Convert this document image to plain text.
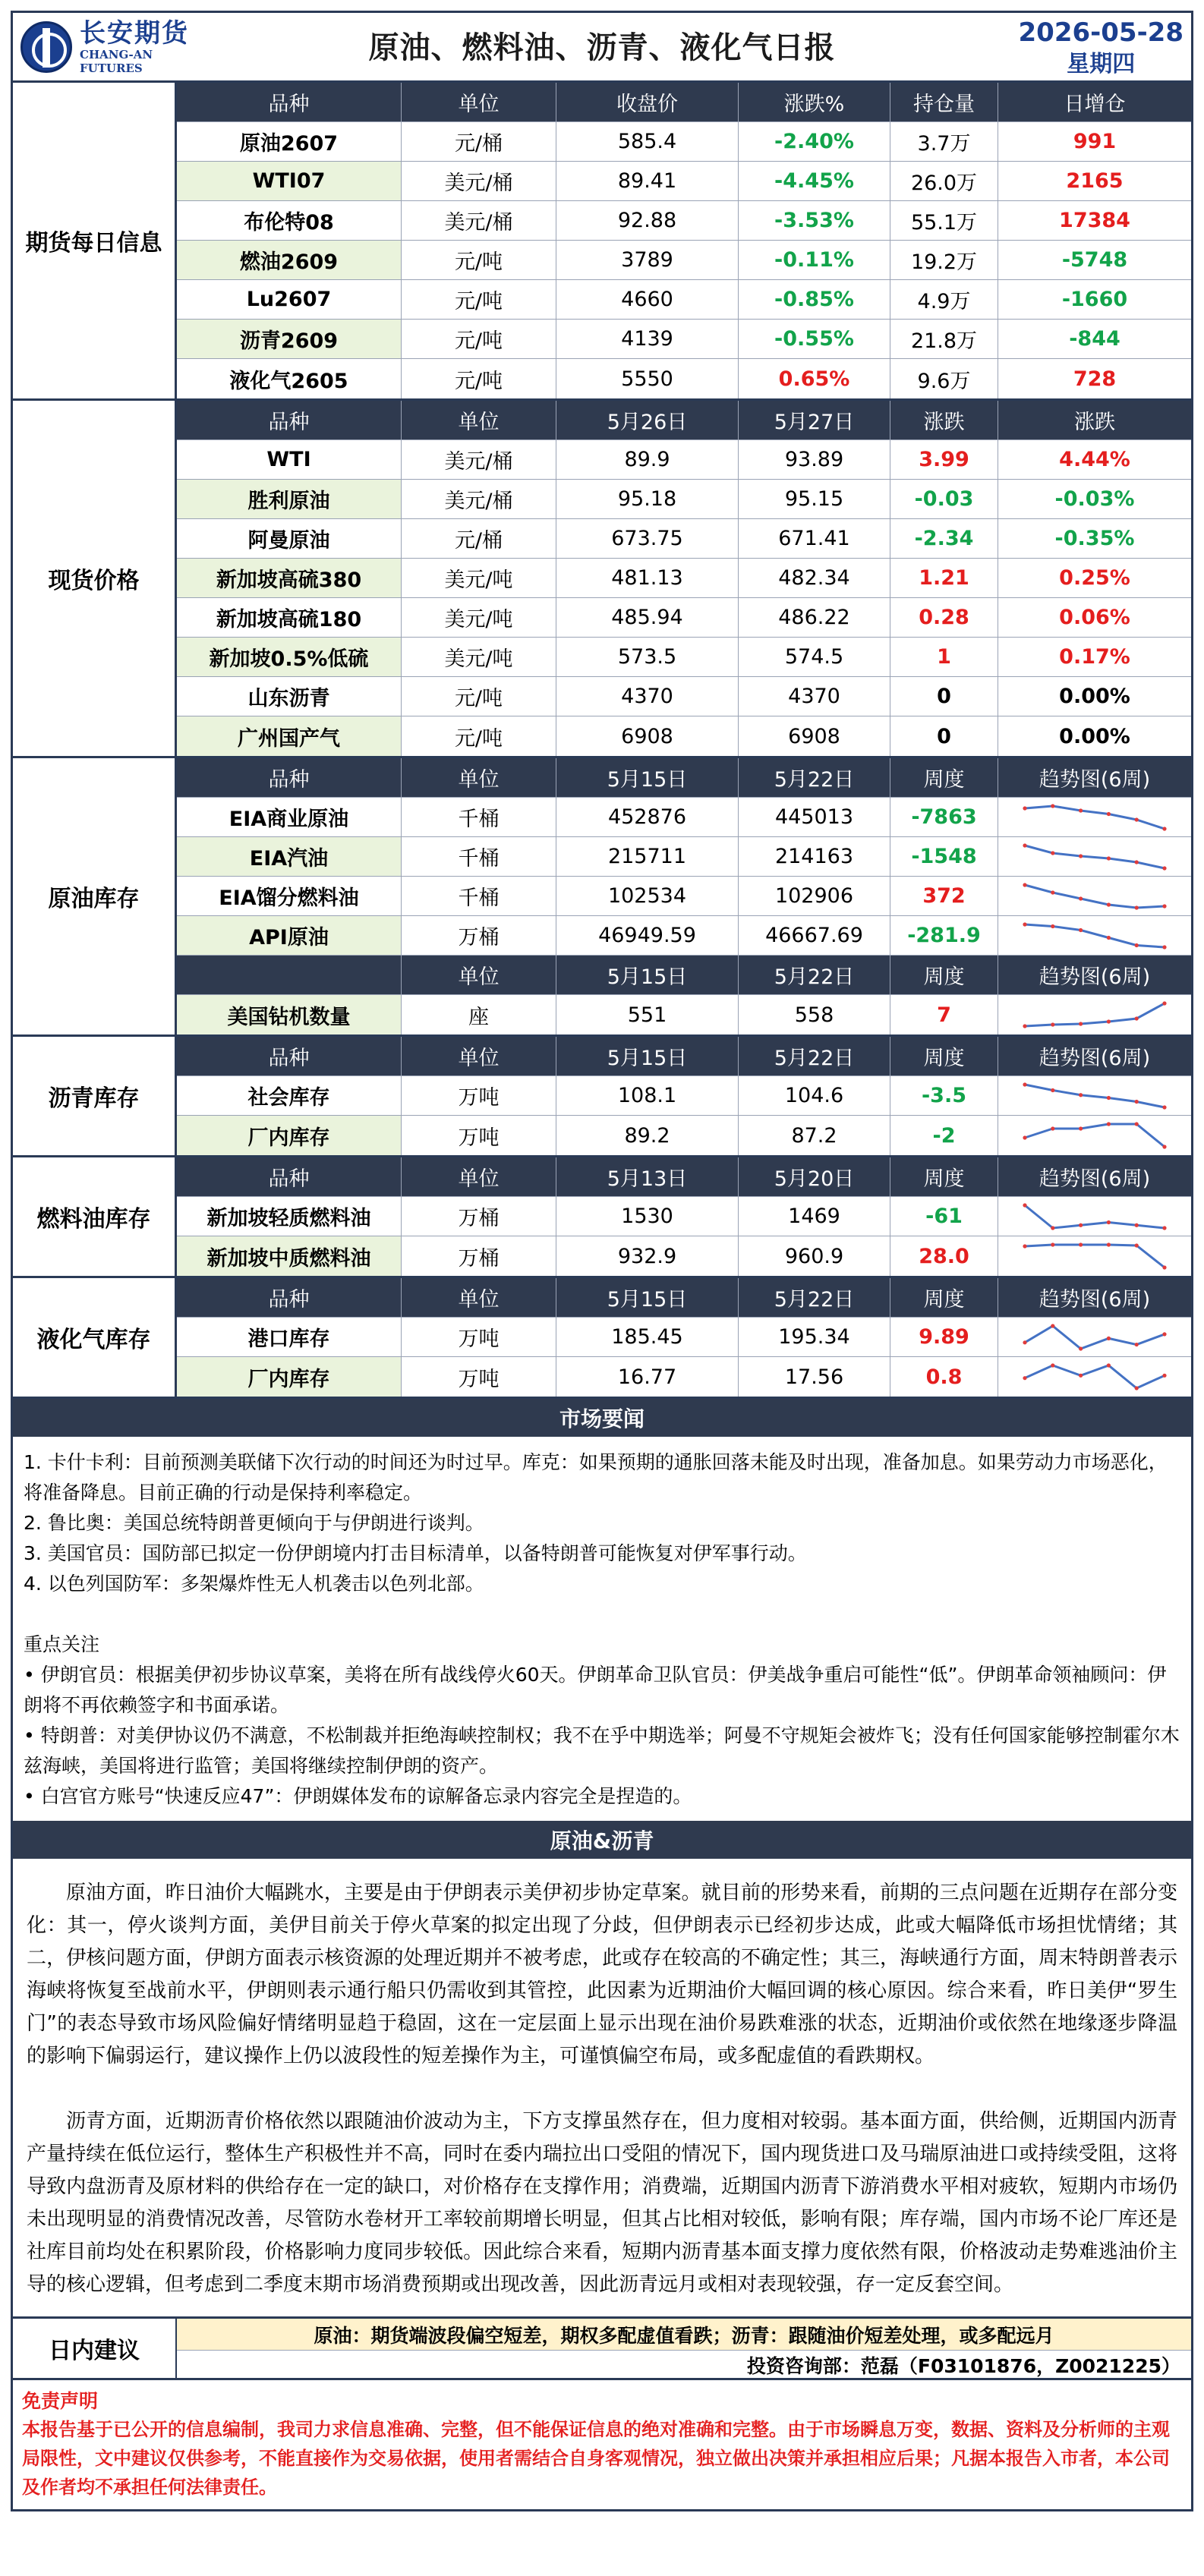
长安期货
CHANG-AN FUTURES
原油、燃料油、沥青、液化气日报	2026-05-28
星期四
期货每日信息
品种	单位	收盘价	涨跌%	持仓量	日增仓
原油2607	元/桶	585.4	-2.40%	3.7万	991
WTI07	美元/桶	89.41	-4.45%	26.0万	2165
布伦特08	美元/桶	92.88	-3.53%	55.1万	17384
燃油2609	元/吨	3789	-0.11%	19.2万	-5748
Lu2607	元/吨	4660	-0.85%	4.9万	-1660
沥青2609	元/吨	4139	-0.55%	21.8万	-844
液化气2605	元/吨	5550	0.65%	9.6万	728
现货价格
品种	单位	5月26日	5月27日	涨跌	涨跌
WTI	美元/桶	89.9	93.89	3.99	4.44%
胜利原油	美元/桶	95.18	95.15	-0.03	-0.03%
阿曼原油	元/桶	673.75	671.41	-2.34	-0.35%
新加坡高硫380	美元/吨	481.13	482.34	1.21	0.25%
新加坡高硫180	美元/吨	485.94	486.22	0.28	0.06%
新加坡0.5%低硫	美元/吨	573.5	574.5	1	0.17%
山东沥青	元/吨	4370	4370	0	0.00%
广州国产气	元/吨	6908	6908	0	0.00%
原油库存
品种	单位	5月15日	5月22日	周度	趋势图(6周)
EIA商业原油	千桶	452876	445013	-7863
EIA汽油	千桶	215711	214163	-1548
EIA馏分燃料油	千桶	102534	102906	372
API原油	万桶	46949.59	46667.69	-281.9
单位	5月15日	5月22日	周度	趋势图(6周)
美国钻机数量	座	551	558	7
沥青库存
品种	单位	5月15日	5月22日	周度	趋势图(6周)
社会库存	万吨	108.1	104.6	-3.5
厂内库存	万吨	89.2	87.2	-2
燃料油库存
品种	单位	5月13日	5月20日	周度	趋势图(6周)
新加坡轻质燃料油	万桶	1530	1469	-61
新加坡中质燃料油	万桶	932.9	960.9	28.0
液化气库存
品种	单位	5月15日	5月22日	周度	趋势图(6周)
港口库存	万吨	185.45	195.34	9.89
厂内库存	万吨	16.77	17.56	0.8
市场要闻

1. 卡什卡利：目前预测美联储下次行动的时间还为时过早。库克：如果预期的通胀回落未能及时出现，准备加息。如果劳动力市场恶化，将准备降息。目前正确的行动是保持利率稳定。

2. 鲁比奥：美国总统特朗普更倾向于与伊朗进行谈判。

3. 美国官员：国防部已拟定一份伊朗境内打击目标清单，以备特朗普可能恢复对伊军事行动。

4. 以色列国防军：多架爆炸性无人机袭击以色列北部。

重点关注

• 伊朗官员：根据美伊初步协议草案，美将在所有战线停火60天。伊朗革命卫队官员：伊美战争重启可能性“低”。伊朗革命领袖顾问：伊朗将不再依赖签字和书面承诺。

• 特朗普：对美伊协议仍不满意，不松制裁并拒绝海峡控制权；我不在乎中期选举；阿曼不守规矩会被炸飞；没有任何国家能够控制霍尔木兹海峡，美国将进行监管；美国将继续控制伊朗的资产。

• 白宫官方账号“快速反应47”：伊朗媒体发布的谅解备忘录内容完全是捏造的。

原油&沥青

原油方面，昨日油价大幅跳水，主要是由于伊朗表示美伊初步协定草案。就目前的形势来看，前期的三点问题在近期存在部分变化：其一，停火谈判方面，美伊目前关于停火草案的拟定出现了分歧，但伊朗表示已经初步达成，此或大幅降低市场担忧情绪；其二，伊核问题方面，伊朗方面表示核资源的处理近期并不被考虑，此或存在较高的不确定性；其三，海峡通行方面，周末特朗普表示海峡将恢复至战前水平，伊朗则表示通行船只仍需收到其管控，此因素为近期油价大幅回调的核心原因。综合来看，昨日美伊“罗生门”的表态导致市场风险偏好情绪明显趋于稳固，这在一定层面上显示出现在油价易跌难涨的状态，近期油价或依然在地缘逐步降温的影响下偏弱运行，建议操作上仍以波段性的短差操作为主，可谨慎偏空布局，或多配虚值的看跌期权。

沥青方面，近期沥青价格依然以跟随油价波动为主，下方支撑虽然存在，但力度相对较弱。基本面方面，供给侧，近期国内沥青产量持续在低位运行，整体生产积极性并不高，同时在委内瑞拉出口受阻的情况下，国内现货进口及马瑞原油进口或持续受阻，这将导致内盘沥青及原材料的供给存在一定的缺口，对价格存在支撑作用；消费端，近期国内沥青下游消费水平相对疲软，短期内市场仍未出现明显的消费情况改善，尽管防水卷材开工率较前期增长明显，但其占比相对较低，影响有限；库存端，国内市场不论厂库还是社库目前均处在积累阶段，价格影响力度同步较低。因此综合来看，短期内沥青基本面支撑力度依然有限，价格波动走势难逃油价主导的核心逻辑，但考虑到二季度末期市场消费预期或出现改善，因此沥青远月或相对表现较强，存一定反套空间。

日内建议
原油：期货端波段偏空短差，期权多配虚值看跌；沥青：跟随油价短差处理，或多配远月
投资咨询部：范磊（F03101876，Z0021225）
免责声明
本报告基于已公开的信息编制，我司力求信息准确、完整，但不能保证信息的绝对准确和完整。由于市场瞬息万变，数据、资料及分析师的主观局限性，文中建议仅供参考，不能直接作为交易依据，使用者需结合自身客观情况，独立做出决策并承担相应后果；凡据本报告入市者，本公司及作者均不承担任何法律责任。
